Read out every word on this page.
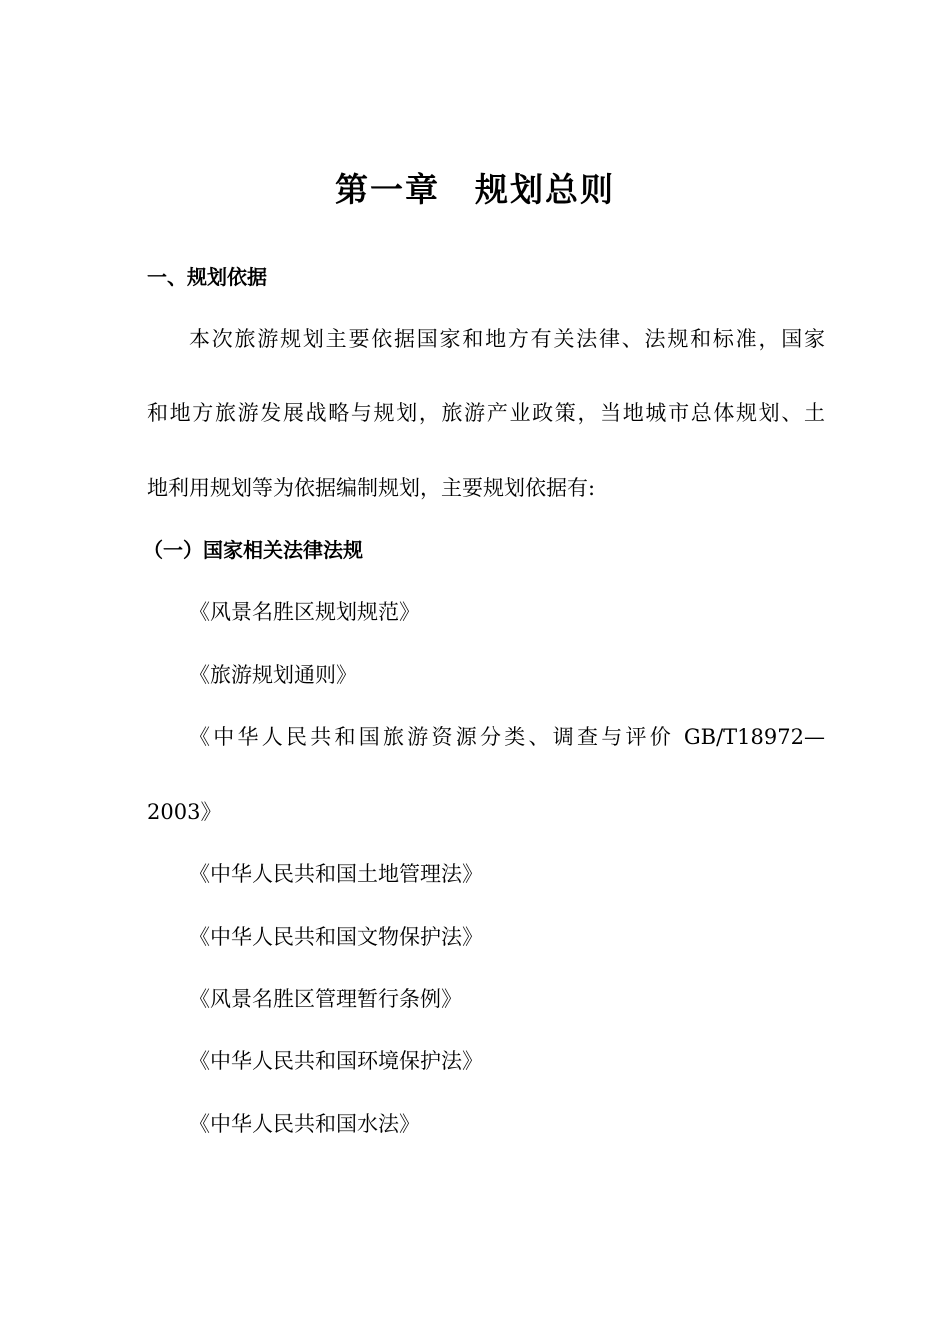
第一章　规划总则
一、规划依据
本次旅游规划主要依据国家和地方有关法律、法规和标准，国家
和地方旅游发展战略与规划，旅游产业政策，当地城市总体规划、土
地利用规划等为依据编制规划，主要规划依据有:
（一）国家相关法律法规
《风景名胜区规划规范》
《旅游规划通则》
《中华人民共和国旅游资源分类、调查与评价 GB/T18972—
2003》
《中华人民共和国土地管理法》
《中华人民共和国文物保护法》
《风景名胜区管理暂行条例》
《中华人民共和国环境保护法》
《中华人民共和国水法》
